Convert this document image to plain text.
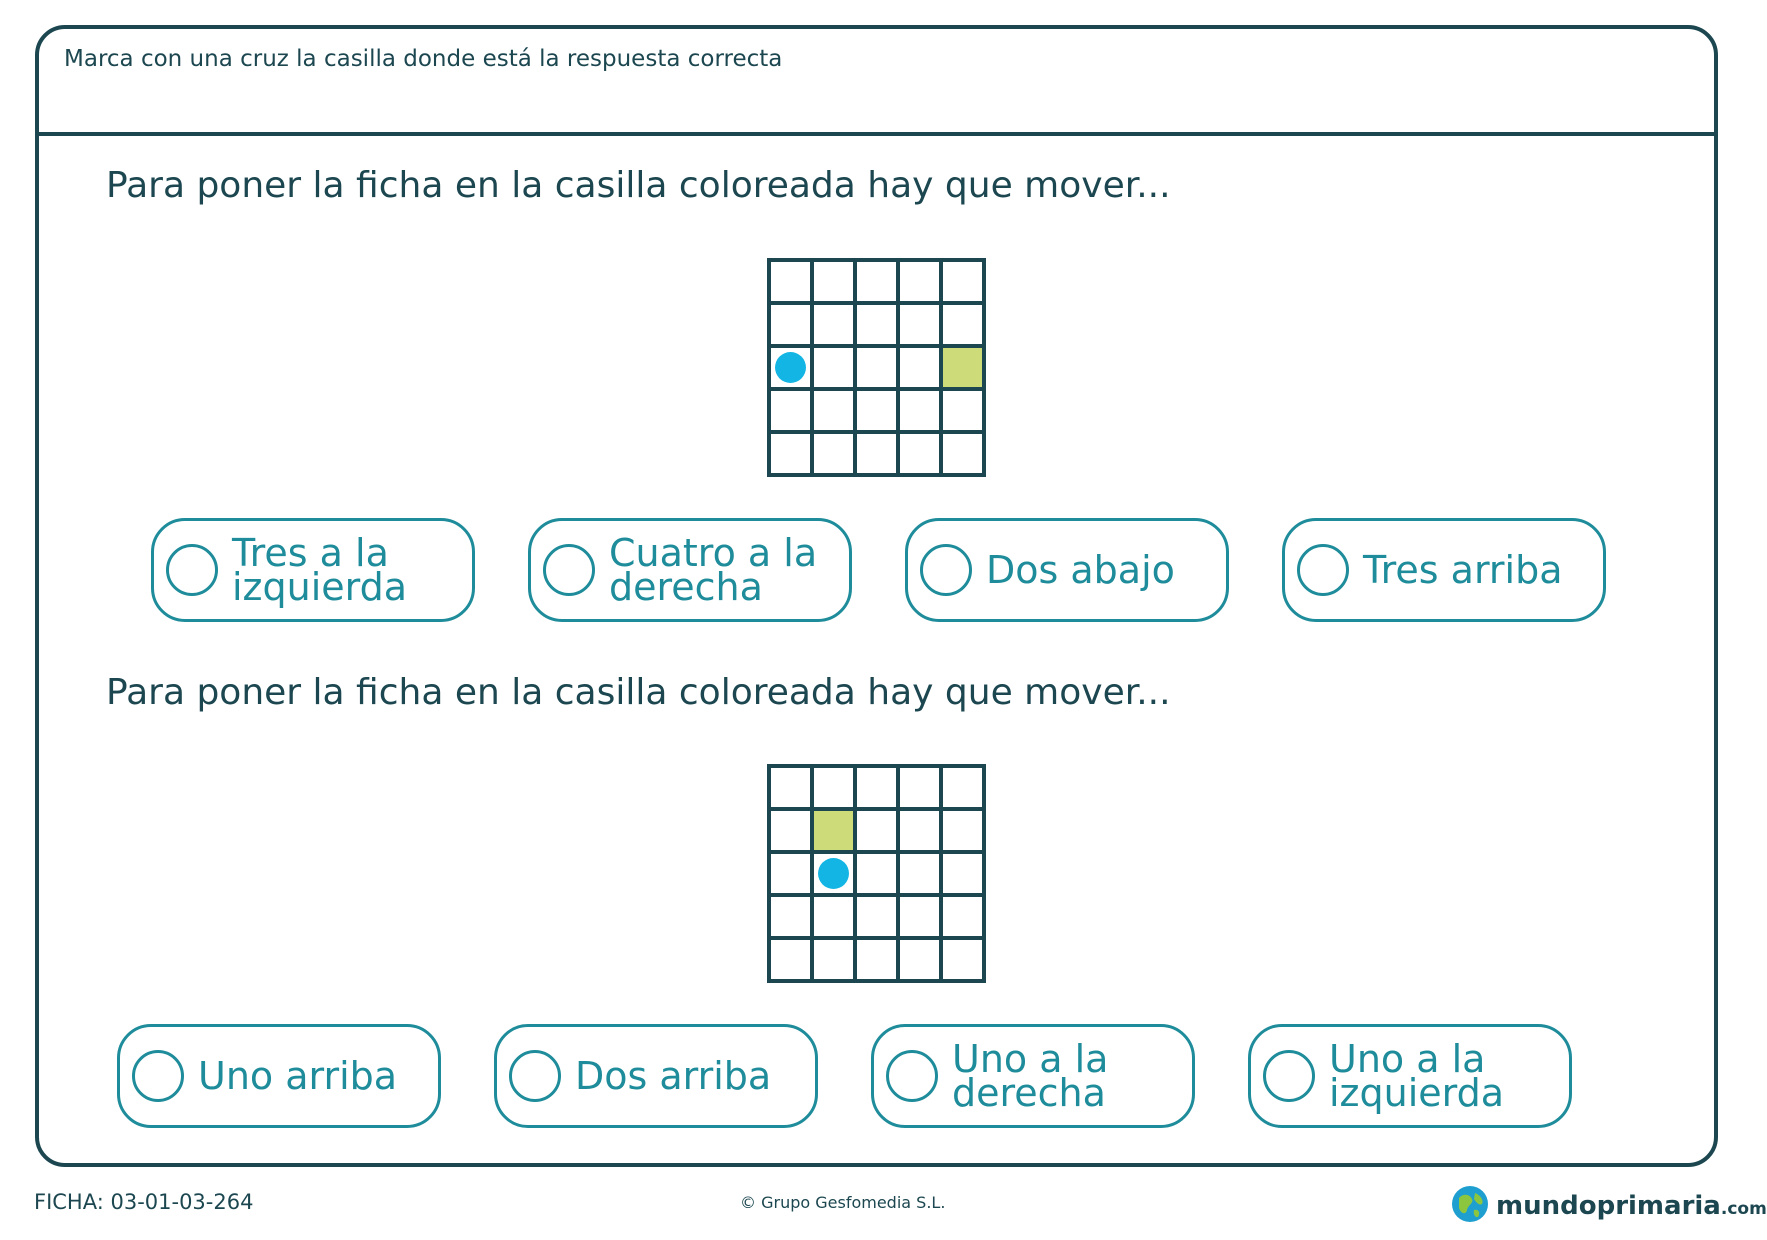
Marca con una cruz la casilla donde está la respuesta correcta
Para poner la ficha en la casilla coloreada hay que mover...
Tres a la izquierda
Cuatro a la derecha	Dos abajo	Tres arriba
Para poner la ficha en la casilla coloreada hay que mover...
Uno arriba	Dos arriba	Uno a la derecha
Uno a la izquierda
FICHA: 03-01-03-264	© Grupo Gesfomedia S.L.	mundoprimaria.com
